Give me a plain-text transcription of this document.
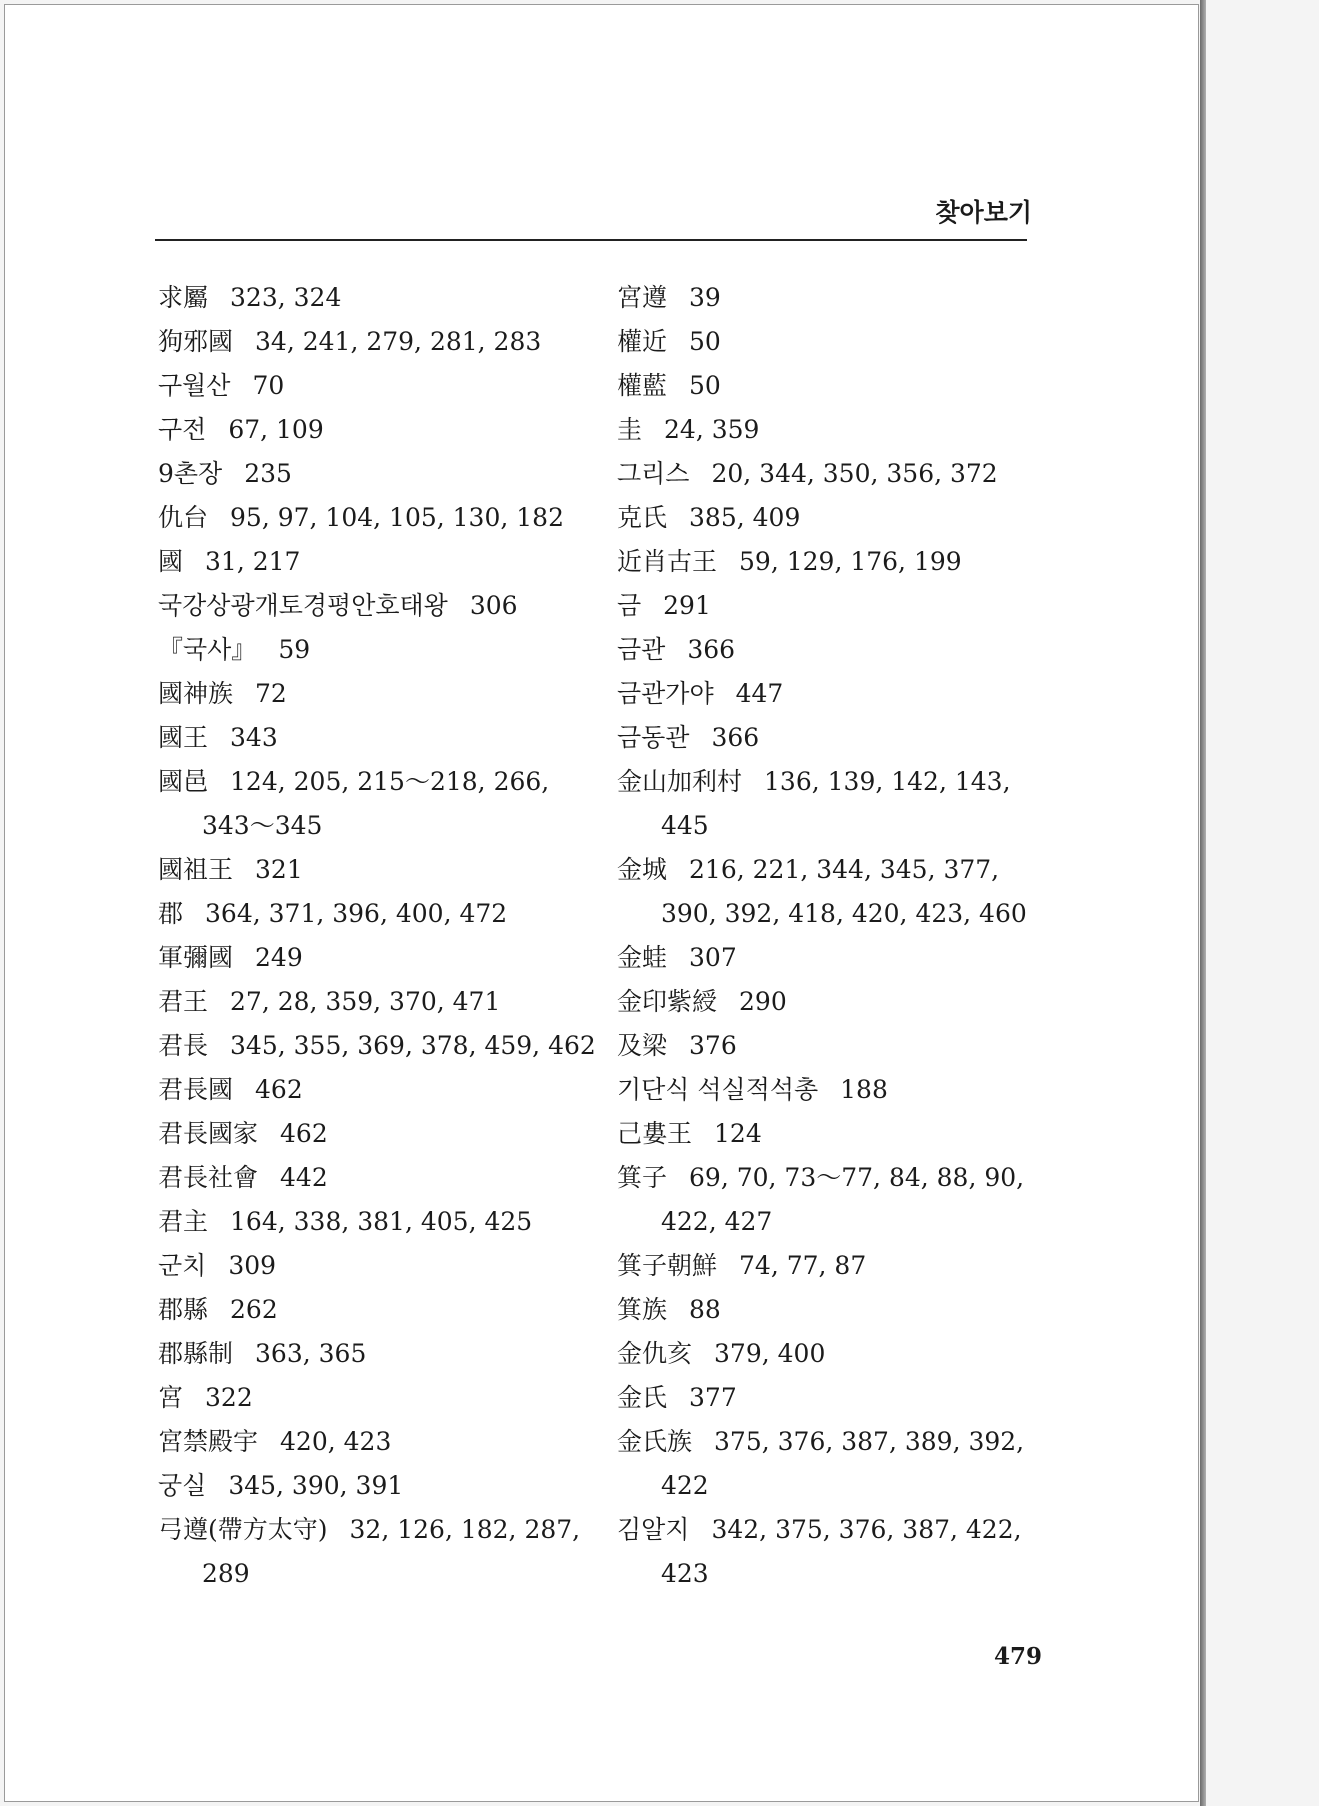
찾아보기
求屬 323, 324
狗邪國 34, 241, 279, 281, 283
구월산 70
구전 67, 109
9촌장 235
仇台 95, 97, 104, 105, 130, 182
國 31, 217
국강상광개토경평안호태왕 306
『국사』 59
國神族 72
國王 343
國邑 124, 205, 215～218, 266,
343～345
國祖王 321
郡 364, 371, 396, 400, 472
軍彌國 249
君王 27, 28, 359, 370, 471
君長 345, 355, 369, 378, 459, 462
君長國 462
君長國家 462
君長社會 442
君主 164, 338, 381, 405, 425
군치 309
郡縣 262
郡縣制 363, 365
宮 322
宮禁殿宇 420, 423
궁실 345, 390, 391
弓遵(帶方太守) 32, 126, 182, 287,
289
宮遵 39
權近 50
權藍 50
圭 24, 359
그리스 20, 344, 350, 356, 372
克氏 385, 409
近肖古王 59, 129, 176, 199
금 291
금관 366
금관가야 447
금동관 366
金山加利村 136, 139, 142, 143,
445
金城 216, 221, 344, 345, 377,
390, 392, 418, 420, 423, 460
金蛙 307
金印紫綬 290
及梁 376
기단식 석실적석총 188
己婁王 124
箕子 69, 70, 73～77, 84, 88, 90,
422, 427
箕子朝鮮 74, 77, 87
箕族 88
金仇亥 379, 400
金氏 377
金氏族 375, 376, 387, 389, 392,
422
김알지 342, 375, 376, 387, 422,
423
479
